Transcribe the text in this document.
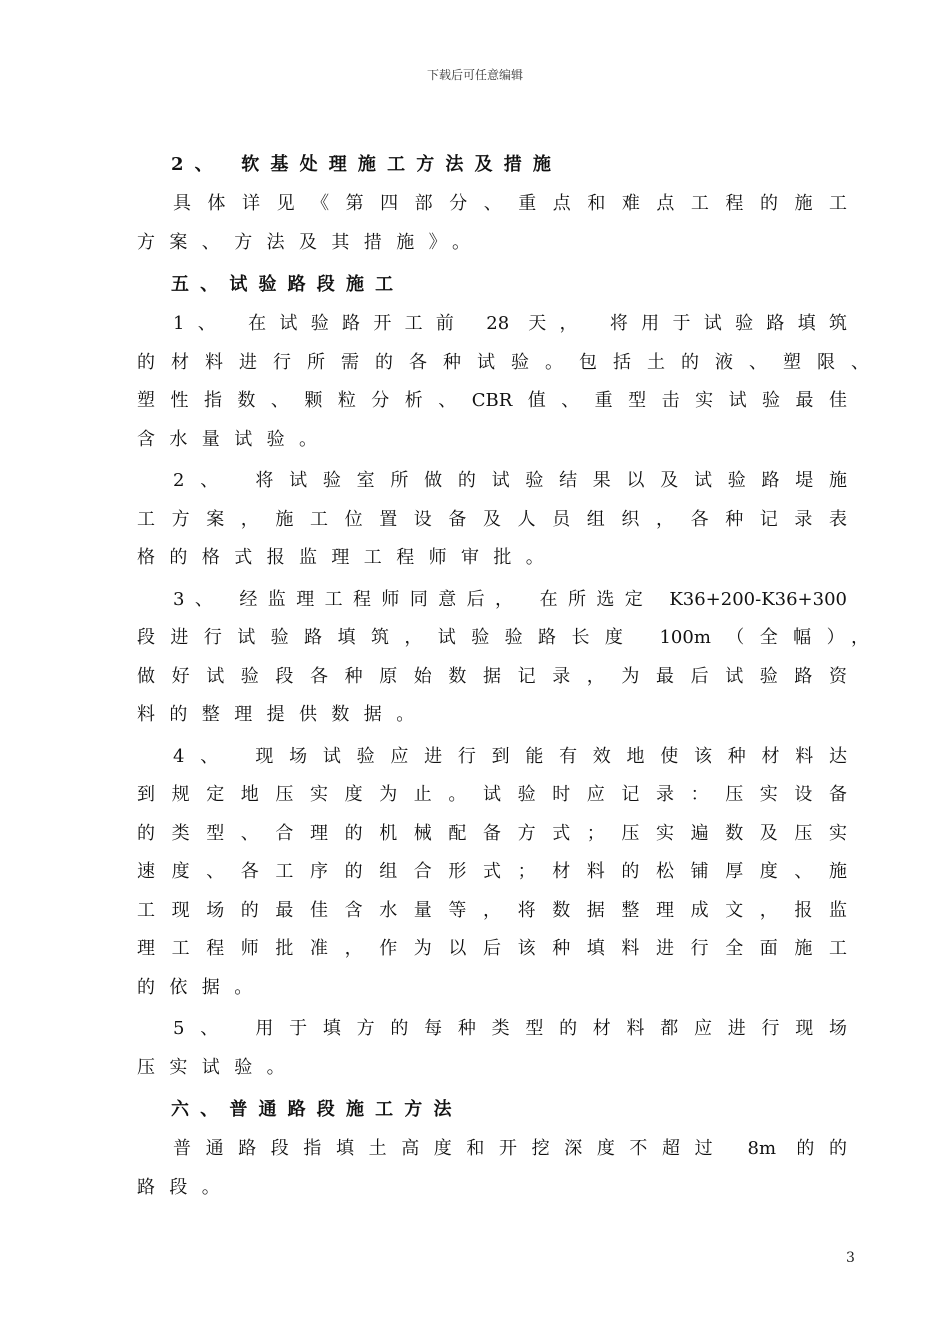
下载后可任意编辑

2、 软基处理施工方法及措施

具体详见《第四部分、重点和难点工程的施工
方案、方法及其措施》。

五、试验路段施工

1、 在试验路开工前 28 天， 将用于试验路填筑
的材料进行所需的各种试验。包括土的液、塑限、
塑性指数、颗粒分析、CBR值、重型击实试验最佳
含水量试验。
2、 将试验室所做的试验结果以及试验路堤施
工方案，施工位置设备及人员组织，各种记录表
格的格式报监理工程师审批。
3、 经监理工程师同意后， 在所选定 K36+200-K36+300
段进行试验路填筑，试验验路长度 100m（全幅），
做好试验段各种原始数据记录，为最后试验路资
料的整理提供数据。
4、 现场试验应进行到能有效地使该种材料达
到规定地压实度为止。试验时应记录：压实设备
的类型、合理的机械配备方式；压实遍数及压实
速度、各工序的组合形式；材料的松铺厚度、施
工现场的最佳含水量等，将数据整理成文，报监
理工程师批准，作为以后该种填料进行全面施工
的依据。
5、 用于填方的每种类型的材料都应进行现场
压实试验。

六、普通路段施工方法

普通路段指填土高度和开挖深度不超过 8m 的的
路段。
3
